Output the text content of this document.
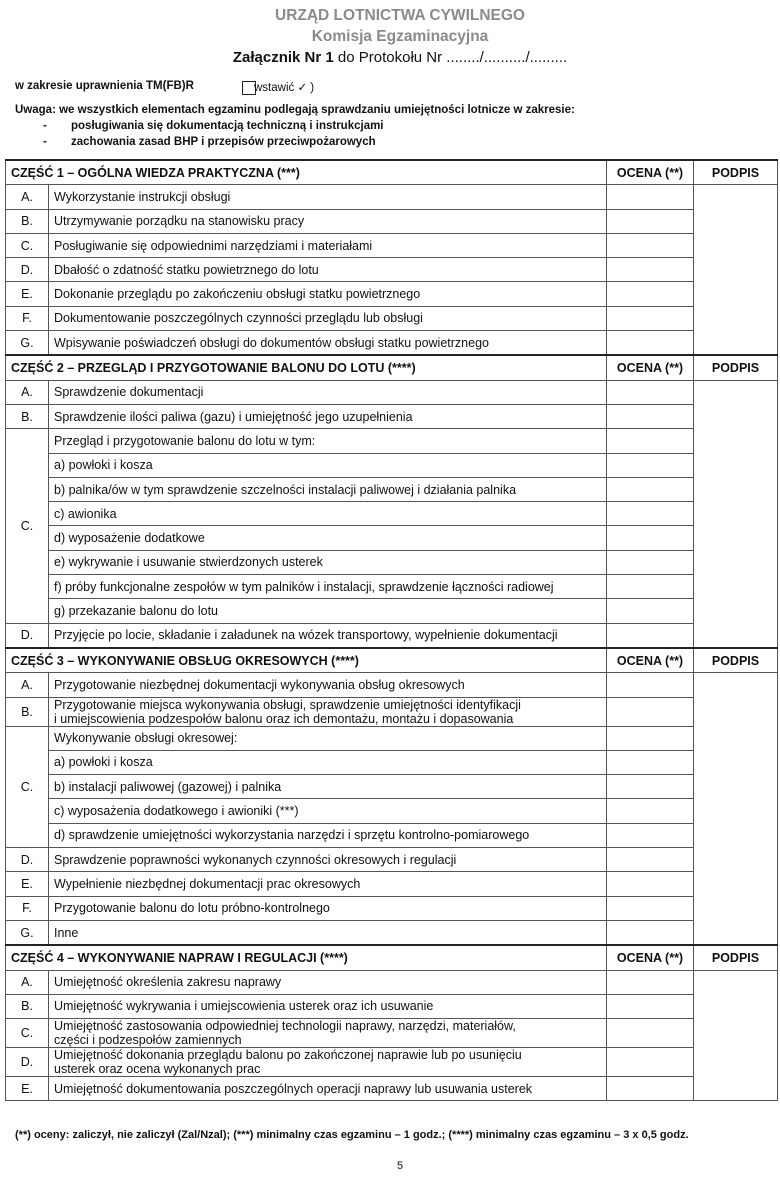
URZĄD LOTNICTWA CYWILNEGO
Komisja Egzaminacyjna
Załącznik Nr 1 do Protokołu Nr ......../........../.........
w zakresie uprawnienia TM(FB)R	wstawić ✓ )
Uwaga: we wszystkich elementach egzaminu podlegają sprawdzaniu umiejętności lotnicze w zakresie:
- posługiwania się dokumentacją techniczną i instrukcjami
- zachowania zasad BHP i przepisów przeciwpożarowych
CZĘŚĆ 1 – OGÓLNA WIEDZA PRAKTYCZNA (***)		OCENA (**)	PODPIS
A.	Wykorzystanie instrukcji obsługi		
B.	Utrzymywanie porządku na stanowisku pracy		
C.	Posługiwanie się odpowiednimi narzędziami i materiałami		
D.	Dbałość o zdatność statku powietrznego do lotu		
E.	Dokonanie przeglądu po zakończeniu obsługi statku powietrznego		
F.	Dokumentowanie poszczególnych czynności przeglądu lub obsługi		
G.	Wpisywanie poświadczeń obsługi do dokumentów obsługi statku powietrznego		
CZĘŚĆ 2 – PRZEGLĄD I PRZYGOTOWANIE BALONU DO LOTU (****)		OCENA (**)	PODPIS
A.	Sprawdzenie dokumentacji		
B.	Sprawdzenie ilości paliwa (gazu) i umiejętność jego uzupełnienia		
C.	Przegląd i przygotowanie balonu do lotu w tym:		
	a) powłoki i kosza		
	b) palnika/ów w tym sprawdzenie szczelności instalacji paliwowej i działania palnika		
	c) awionika		
	d) wyposażenie dodatkowe		
	e) wykrywanie i usuwanie stwierdzonych usterek		
	f) próby funkcjonalne zespołów w tym palników i instalacji, sprawdzenie łączności radiowej		
	g) przekazanie balonu do lotu		
D.	Przyjęcie po locie, składanie i załadunek na wózek transportowy, wypełnienie dokumentacji		
CZĘŚĆ 3 – WYKONYWANIE OBSŁUG OKRESOWYCH (****)		OCENA (**)	PODPIS
A.	Przygotowanie niezbędnej dokumentacji wykonywania obsług okresowych		
B.	Przygotowanie miejsca wykonywania obsługi, sprawdzenie umiejętności identyfikacji
i umiejscowienia podzespołów balonu oraz ich demontażu, montażu i dopasowania		

C.	Wykonywanie obsługi okresowej:		
	a) powłoki i kosza		
	b) instalacji paliwowej (gazowej) i palnika		
	c) wyposażenia dodatkowego i awioniki (***)		
	d) sprawdzenie umiejętności wykorzystania narzędzi i sprzętu kontrolno-pomiarowego		
D.	Sprawdzenie poprawności wykonanych czynności okresowych i regulacji		
E.	Wypełnienie niezbędnej dokumentacji prac okresowych		
F.	Przygotowanie balonu do lotu próbno-kontrolnego		
G.	Inne		
CZĘŚĆ 4 – WYKONYWANIE NAPRAW I REGULACJI (****)		OCENA (**)	PODPIS
A.	Umiejętność określenia zakresu naprawy		
B.	Umiejętność wykrywania i umiejscowienia usterek oraz ich usuwanie		
C.	Umiejętność zastosowania odpowiedniej technologii naprawy, narzędzi, materiałów,
części i podzespołów zamiennych		

D.	Umiejętność dokonania przeglądu balonu po zakończonej naprawie lub po usunięciu
usterek oraz ocena wykonanych prac		

E.	Umiejętność dokumentowania poszczególnych operacji naprawy lub usuwania usterek		
(**) oceny: zaliczył, nie zaliczył (Zal/Nzal); (***) minimalny czas egzaminu – 1 godz.; (****) minimalny czas egzaminu – 3 x 0,5 godz.
5
